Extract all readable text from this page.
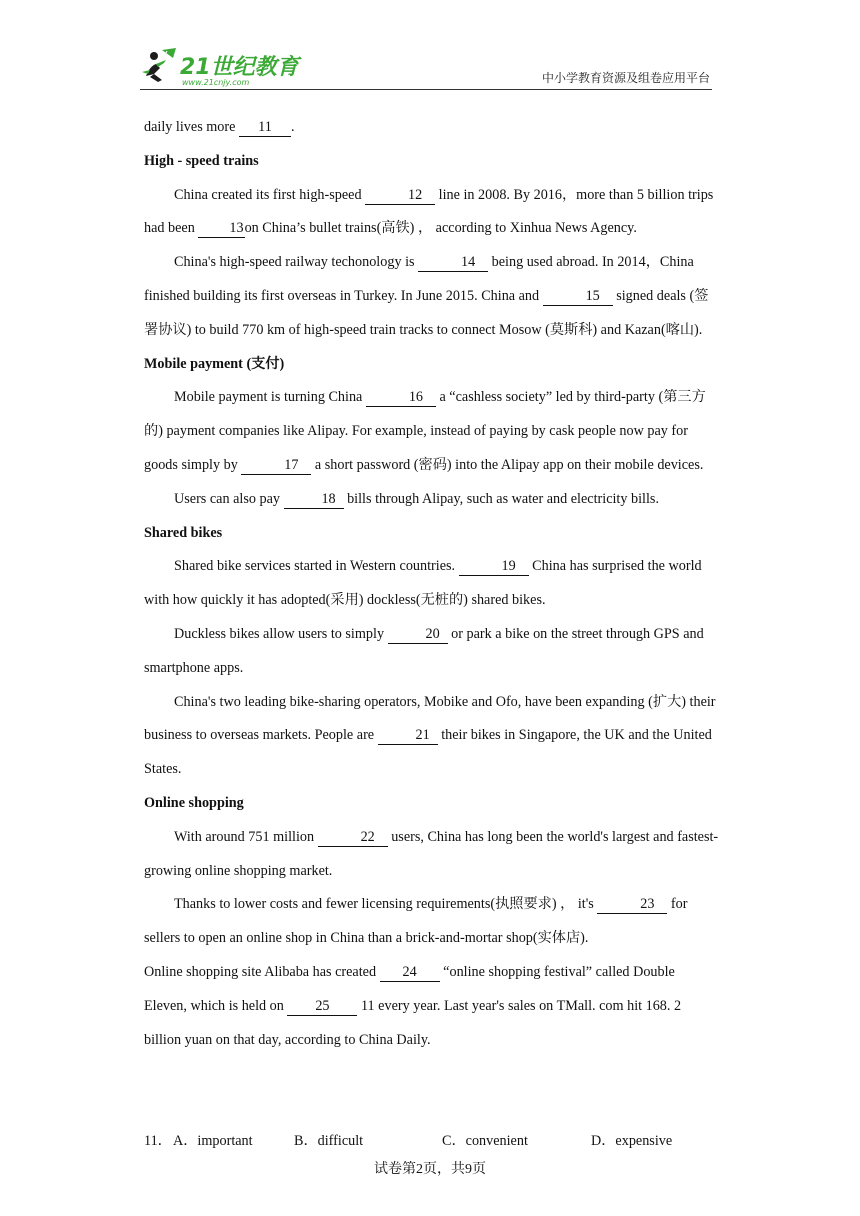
21世纪教育
www.21cnjy.com	中小学教育资源及组卷应用平台

daily lives more 11 .

High - speed trains

China created its first high-speed	12 line in 2008. By 2016，more than 5 billion trips had been 13on China’s bullet trains(高铁) ， according to Xinhua News Agency.

China's high-speed railway techonology is	14 being used abroad. In 2014，China finished building its first overseas in Turkey. In June 2015. China and	15 signed deals (签署协议) to build 770 km of high-speed train tracks to connect Mosow (莫斯科) and Kazan(喀山).

Mobile payment (支付)

Mobile payment is turning China	16 a “cashless society” led by third-party (第三方的) payment companies like Alipay. For example, instead of paying by cask people now pay for goods simply by	17 a short password (密码) into the Alipay app on their mobile devices.

Users can also pay	18 bills through Alipay, such as water and electricity bills.

Shared bikes

Shared bike services started in Western countries.	19 China has surprised the world with how quickly it has adopted(采用) dockless(无桩的) shared bikes.

Duckless bikes allow users to simply	20 or park a bike on the street through GPS and smartphone apps.

China's two leading bike-sharing operators, Mobike and Ofo, have been expanding (扩大) their business to overseas markets. People are	21 their bikes in Singapore, the UK and the United States.

Online shopping

With around 751 million	22 users, China has long been the world's largest and fastest-growing online shopping market.

Thanks to lower costs and fewer licensing requirements(执照要求) ， it's	23 for sellers to open an online shop in China than a brick-and-mortar shop(实体店).

Online shopping site Alibaba has created 24 “online shopping festival” called Double Eleven, which is held on 25 11 every year. Last year's sales on TMall. com hit 168. 2 billion yuan on that day, according to China Daily.

11． A．important	B．difficult	C．convenient	D．expensive
试卷第2页，共9页
